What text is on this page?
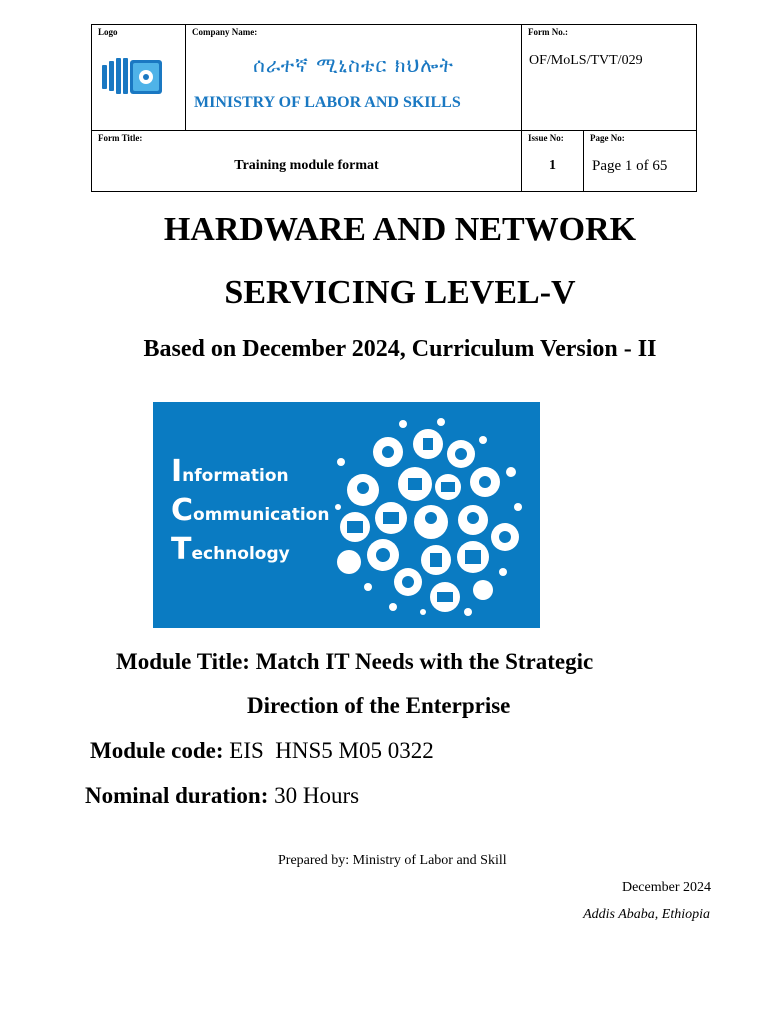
Logo	Company Name:
ሰራተኛ ሚኒስቴር ክህሎት
MINISTRY OF LABOR AND SKILLS
Form No.:
OF/MoLS/TVT/029
Form Title:
Training module format
Issue No:
1
Page No:
Page 1 of 65
HARDWARE AND NETWORK
SERVICING LEVEL-V
Based on December 2024, Curriculum Version - II
Information
Communication
Technology
Module Title: Match IT Needs with the Strategic
Direction of the Enterprise
Module code: EIS  HNS5 M05 0322
Nominal duration: 30 Hours
Prepared by: Ministry of Labor and Skill
December 2024
Addis Ababa, Ethiopia
